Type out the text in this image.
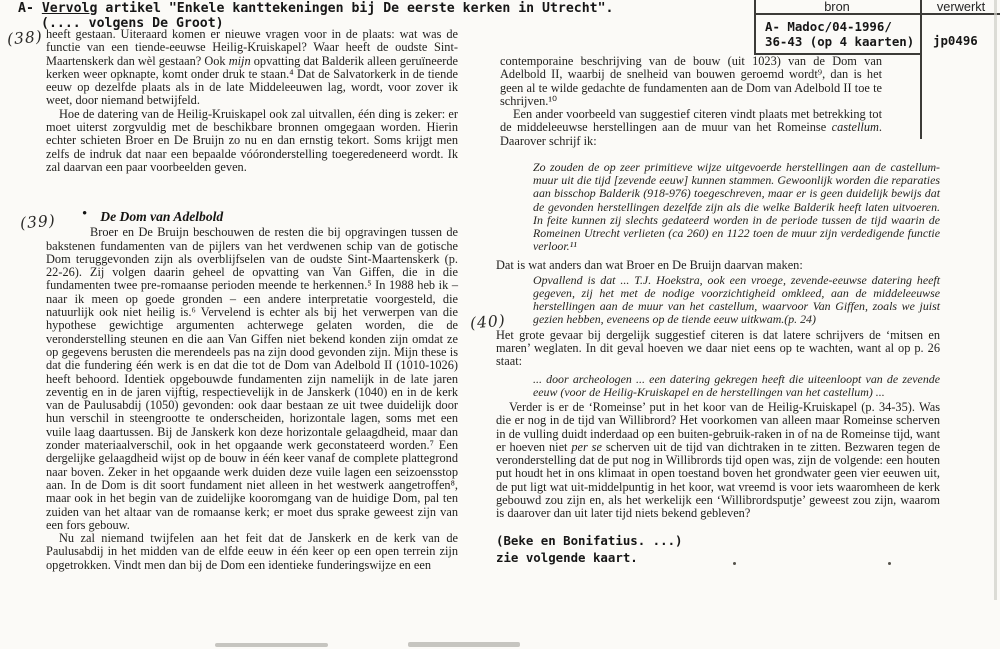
A- Vervolg artikel "Enkele kanttekeningen bij De eerste kerken in Utrecht".
(.... volgens De Groot)
bron	verwerkt
A- Madoc/04-1996/
36-43 (op 4 kaarten) jp0496
(38)
(39)
(40)
heeft gestaan. Uiteraard komen er nieuwe vragen voor in de plaats: wat was de functie van een tiende-eeuwse Heilig-Kruiskapel? Waar heeft de oudste Sint-Maartenskerk dan wèl gestaan? Ook mijn opvatting dat Balderik alleen geruïneerde kerken weer opknapte, komt onder druk te staan.⁴ Dat de Salvatorkerk in de tiende eeuw op dezelfde plaats als in de late Middeleeuwen lag, wordt, voor zover ik weet, door niemand betwijfeld.
Hoe de datering van de Heilig-Kruiskapel ook zal uitvallen, één ding is zeker: er moet uiterst zorgvuldig met de beschikbare bronnen omgegaan worden. Hierin echter schieten Broer en De Bruijn zo nu en dan ernstig tekort. Soms krijgt men zelfs de indruk dat naar een bepaalde vóóronderstelling toegeredeneerd wordt. Ik zal daarvan een paar voorbeelden geven.
• De Dom van Adelbold
Broer en De Bruijn beschouwen de resten die bij opgravingen tussen de bakstenen fundamenten van de pijlers van het verdwenen schip van de gotische Dom teruggevonden zijn als overblijfselen van de oudste Sint-Maartenskerk (p. 22-26). Zij volgen daarin geheel de opvatting van Van Giffen, die in die fundamenten twee pre-romaanse perioden meende te herkennen.⁵ In 1988 heb ik – naar ik meen op goede gronden – een andere interpretatie voorgesteld, die natuurlijk ook niet heilig is.⁶ Vervelend is echter als bij het verwerpen van die hypothese gewichtige argumenten achterwege gelaten worden, die de veronderstelling steunen en die aan Van Giffen niet bekend konden zijn omdat ze op gegevens berusten die merendeels pas na zijn dood gevonden zijn. Mijn these is dat die fundering één werk is en dat die tot de Dom van Adelbold II (1010-1026) heeft behoord. Identiek opgebouwde fundamenten zijn namelijk in de late jaren zeventig en in de jaren vijftig, respectievelijk in de Janskerk (1040) en in de kerk van de Paulusabdij (1050) gevonden: ook daar bestaan ze uit twee duidelijk door hun verschil in steengrootte te onderscheiden, horizontale lagen, soms met een vuile laag daartussen. Bij de Janskerk kon deze horizontale gelaagdheid, maar dan zonder materiaalverschil, ook in het opgaande werk geconstateerd worden.⁷ Een dergelijke gelaagdheid wijst op de bouw in één keer vanaf de complete plattegrond naar boven. Zeker in het opgaande werk duiden deze vuile lagen een seizoensstop aan. In de Dom is dit soort fundament niet alleen in het westwerk aangetroffen⁸, maar ook in het begin van de zuidelijke kooromgang van de huidige Dom, pal ten zuiden van het altaar van de romaanse kerk; er moet dus sprake geweest zijn van een fors gebouw.
Nu zal niemand twijfelen aan het feit dat de Janskerk en de kerk van de Paulusabdij in het midden van de elfde eeuw in één keer op een open terrein zijn opgetrokken. Vindt men dan bij de Dom een identieke funderingswijze en een
contemporaine beschrijving van de bouw (uit 1023) van de Dom van Adelbold II, waarbij de snelheid van bouwen geroemd wordt⁹, dan is het geen al te wilde gedachte de fundamenten aan de Dom van Adelbold II toe te schrijven.¹⁰
Een ander voorbeeld van suggestief citeren vindt plaats met betrekking tot de middeleeuwse herstellingen aan de muur van het Romeinse castellum. Daarover schrijf ik:
Zo zouden de op zeer primitieve wijze uitgevoerde herstellingen aan de castellum-muur uit die tijd [zevende eeuw] kunnen stammen. Gewoonlijk worden die reparaties aan bisschop Balderik (918-976) toegeschreven, maar er is geen duidelijk bewijs dat de gevonden herstellingen dezelfde zijn als die welke Balderik heeft laten uitvoeren. In feite kunnen zij slechts gedateerd worden in de periode tussen de tijd waarin de Romeinen Utrecht verlieten (ca 260) en 1122 toen de muur zijn verdedigende functie verloor.¹¹
Dat is wat anders dan wat Broer en De Bruijn daarvan maken:
Opvallend is dat ... T.J. Hoekstra, ook een vroege, zevende-eeuwse datering heeft gegeven, zij het met de nodige voorzichtigheid omkleed, aan de middeleeuwse herstellingen aan de muur van het castellum, waarvoor Van Giffen, zoals we juist gezien hebben, eveneens op de tiende eeuw uitkwam.(p. 24)
Het grote gevaar bij dergelijk suggestief citeren is dat latere schrijvers de ‘mitsen en maren’ weglaten. In dit geval hoeven we daar niet eens op te wachten, want al op p. 26 staat:
... door archeologen ... een datering gekregen heeft die uiteenloopt van de zevende eeuw (voor de Heilig-Kruiskapel en de herstellingen van het castellum) ...
Verder is er de ‘Romeinse’ put in het koor van de Heilig-Kruiskapel (p. 34-35). Was die er nog in de tijd van Willibrord? Het voorkomen van alleen maar Romeinse scherven in de vulling duidt inderdaad op een buiten-gebruik-raken in of na de Romeinse tijd, want er hoeven niet per se scherven uit de tijd van dichtraken in te zitten. Bezwaren tegen de veronderstelling dat de put nog in Willibrords tijd open was, zijn de volgende: een houten put houdt het in ons klimaat in open toestand boven het grondwater geen vier eeuwen uit, de put ligt wat uit-middelpuntig in het koor, wat vreemd is voor iets waaromheen de kerk gebouwd zou zijn en, als het werkelijk een ‘Willibrordsputje’ geweest zou zijn, waarom is daarover dan uit later tijd niets bekend gebleven?
(Beke en Bonifatius. ...)
zie volgende kaart.
